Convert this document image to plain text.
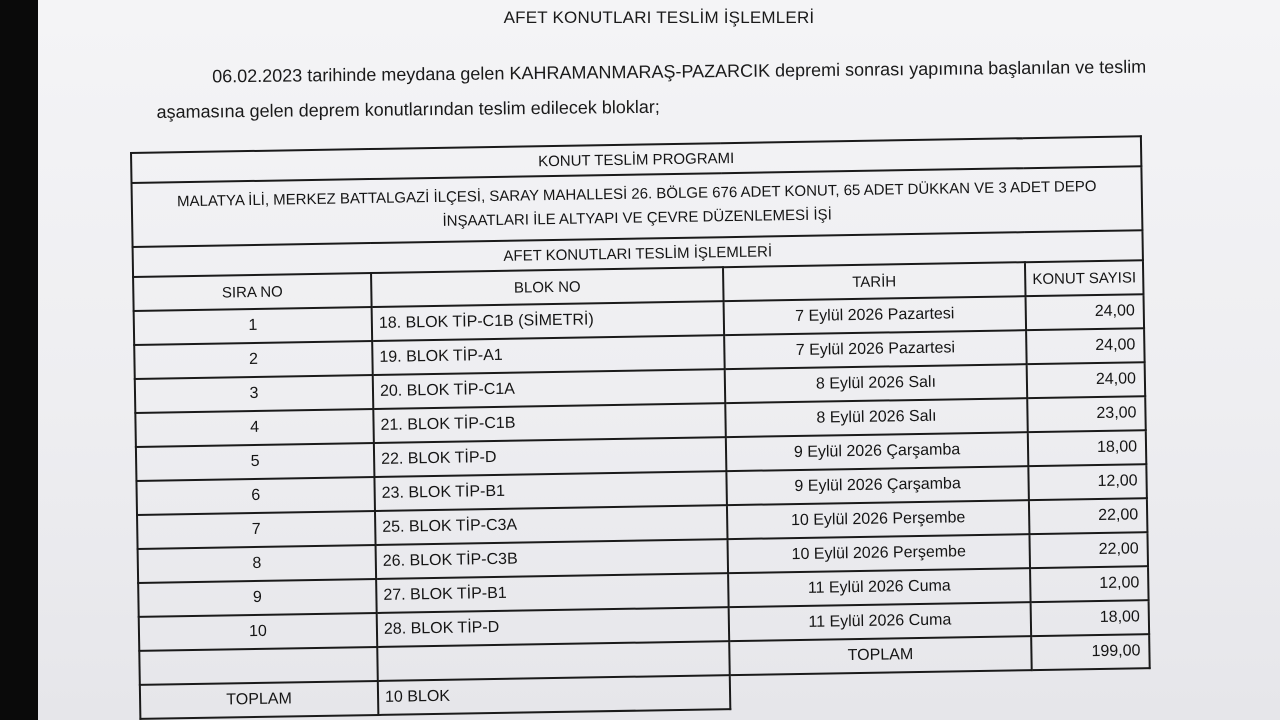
AFET KONUTLARI TESLİM İŞLEMLERİ
06.02.2023 tarihinde meydana gelen KAHRAMANMARAŞ-PAZARCIK depremi sonrası yapımına başlanılan ve teslim aşamasına gelen deprem konutlarından teslim edilecek bloklar;
KONUT TESLİM PROGRAMI			
MALATYA İLİ, MERKEZ BATTALGAZİ İLÇESİ, SARAY MAHALLESİ 26. BÖLGE 676 ADET KONUT, 65 ADET DÜKKAN VE 3 ADET DEPO İNŞAATLARI İLE ALTYAPI VE ÇEVRE DÜZENLEMESİ İŞİ			
AFET KONUTLARI TESLİM İŞLEMLERİ			
SIRA NO	BLOK NO	TARİH	KONUT SAYISI
1	18. BLOK TİP-C1B (SİMETRİ)	7 Eylül 2026 Pazartesi	24,00
2	19. BLOK TİP-A1	7 Eylül 2026 Pazartesi	24,00
3	20. BLOK TİP-C1A	8 Eylül 2026 Salı	24,00
4	21. BLOK TİP-C1B	8 Eylül 2026 Salı	23,00
5	22. BLOK TİP-D	9 Eylül 2026 Çarşamba	18,00
6	23. BLOK TİP-B1	9 Eylül 2026 Çarşamba	12,00
7	25. BLOK TİP-C3A	10 Eylül 2026 Perşembe	22,00
8	26. BLOK TİP-C3B	10 Eylül 2026 Perşembe	22,00
9	27. BLOK TİP-B1	11 Eylül 2026 Cuma	12,00
10	28. BLOK TİP-D	11 Eylül 2026 Cuma	18,00
		TOPLAM	199,00
TOPLAM	10 BLOK		
